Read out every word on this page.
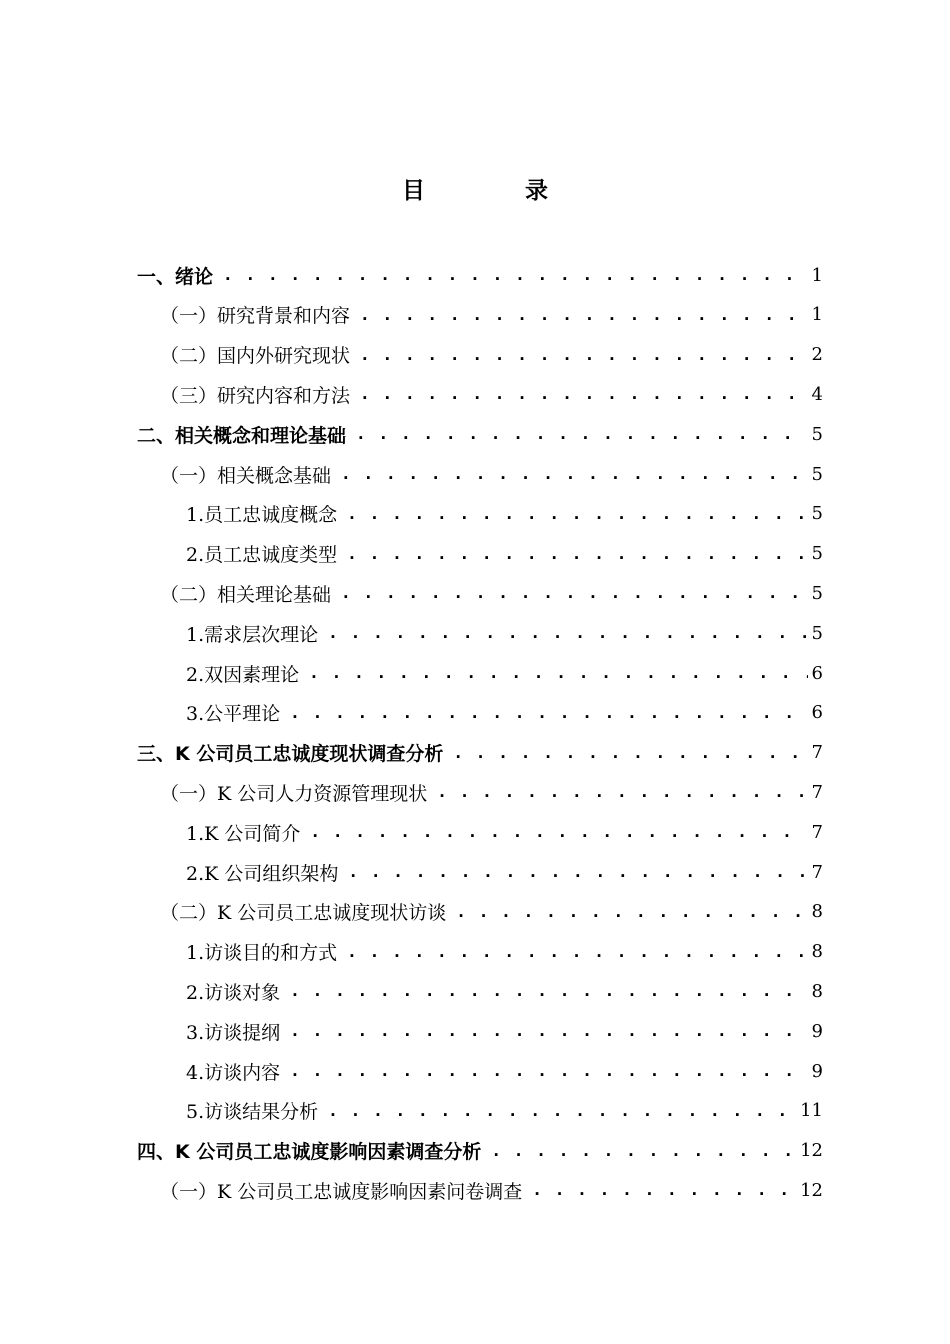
目	录
一、绪论 . . .	1
（一）研究背景和内容 . . .	1
（二）国内外研究现状 . . .	2
（三）研究内容和方法 . . .	4
二、相关概念和理论基础 . . .	5
（一）相关概念基础 . . .	5
1.员工忠诚度概念 . . .	5
2.员工忠诚度类型 . . .	5
（二）相关理论基础 . . .	5
1.需求层次理论 . . .	5
2.双因素理论 . . .	6
3.公平理论 . . .	6
三、K 公司员工忠诚度现状调查分析 . . .	7
（一）K 公司人力资源管理现状 . . .	7
1.K 公司简介 . . .	7
2.K 公司组织架构 . . .	7
（二）K 公司员工忠诚度现状访谈 . . .	8
1.访谈目的和方式 . . .	8
2.访谈对象 . . .	8
3.访谈提纲 . . .	9
4.访谈内容 . . .	9
5.访谈结果分析 . . .	11
四、K 公司员工忠诚度影响因素调查分析 . . .	12
（一）K 公司员工忠诚度影响因素问卷调查 . . .	12
